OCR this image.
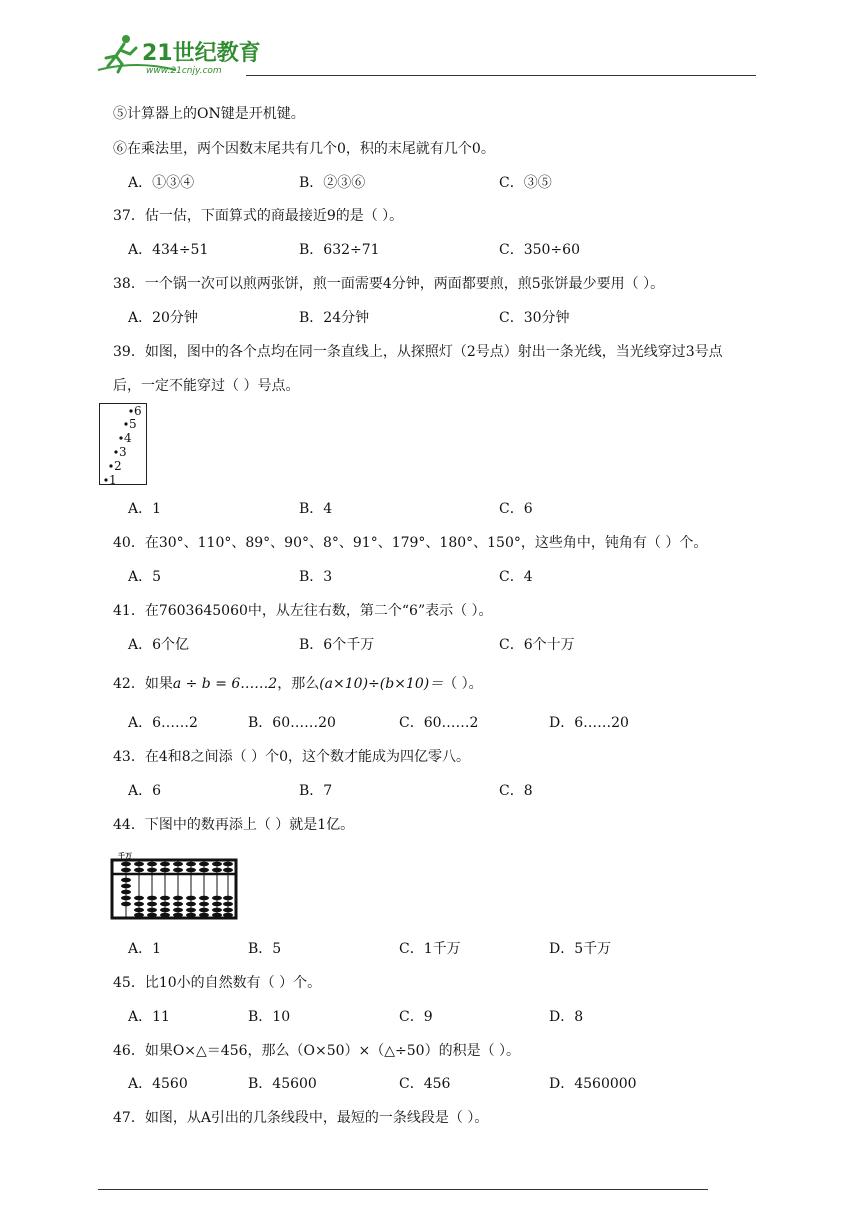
21世纪教育
www.21cnjy.com
⑤计算器上的ON键是开机键。
⑥在乘法里，两个因数末尾共有几个0，积的末尾就有几个0。
A．①③④	B．②③⑥	C．③⑤
37．估一估，下面算式的商最接近9的是（ ）。
A．434÷51	B．632÷71	C．350÷60
38．一个锅一次可以煎两张饼，煎一面需要4分钟，两面都要煎，煎5张饼最少要用（ ）。
A．20分钟	B．24分钟	C．30分钟
39．如图，图中的各个点均在同一条直线上，从探照灯（2号点）射出一条光线，当光线穿过3号点
后，一定不能穿过（ ）号点。
1
2
3
4
5
6
A．1	B．4	C．6
40．在30°、110°、89°、90°、8°、91°、179°、180°、150°，这些角中，钝角有（ ）个。
A．5	B．3	C．4
41．在7603645060中，从左往右数，第二个“6”表示（ ）。
A．6个亿	B．6个千万	C．6个十万
42．如果a ÷ b = 6……2，那么(a×10)÷(b×10)＝（ ）。
A．6……2	B．60……20	C．60……2	D．6……20
43．在4和8之间添（ ）个0，这个数才能成为四亿零八。
A．6	B．7	C．8
44．下图中的数再添上（ ）就是1亿。
千万
A．1	B．5	C．1千万	D．5千万
45．比10小的自然数有（ ）个。
A．11	B．10	C．9	D．8
46．如果O×△＝456，那么（O×50）×（△÷50）的积是（ ）。
A．4560	B．45600	C．456	D．4560000
47．如图，从A引出的几条线段中，最短的一条线段是（ ）。
